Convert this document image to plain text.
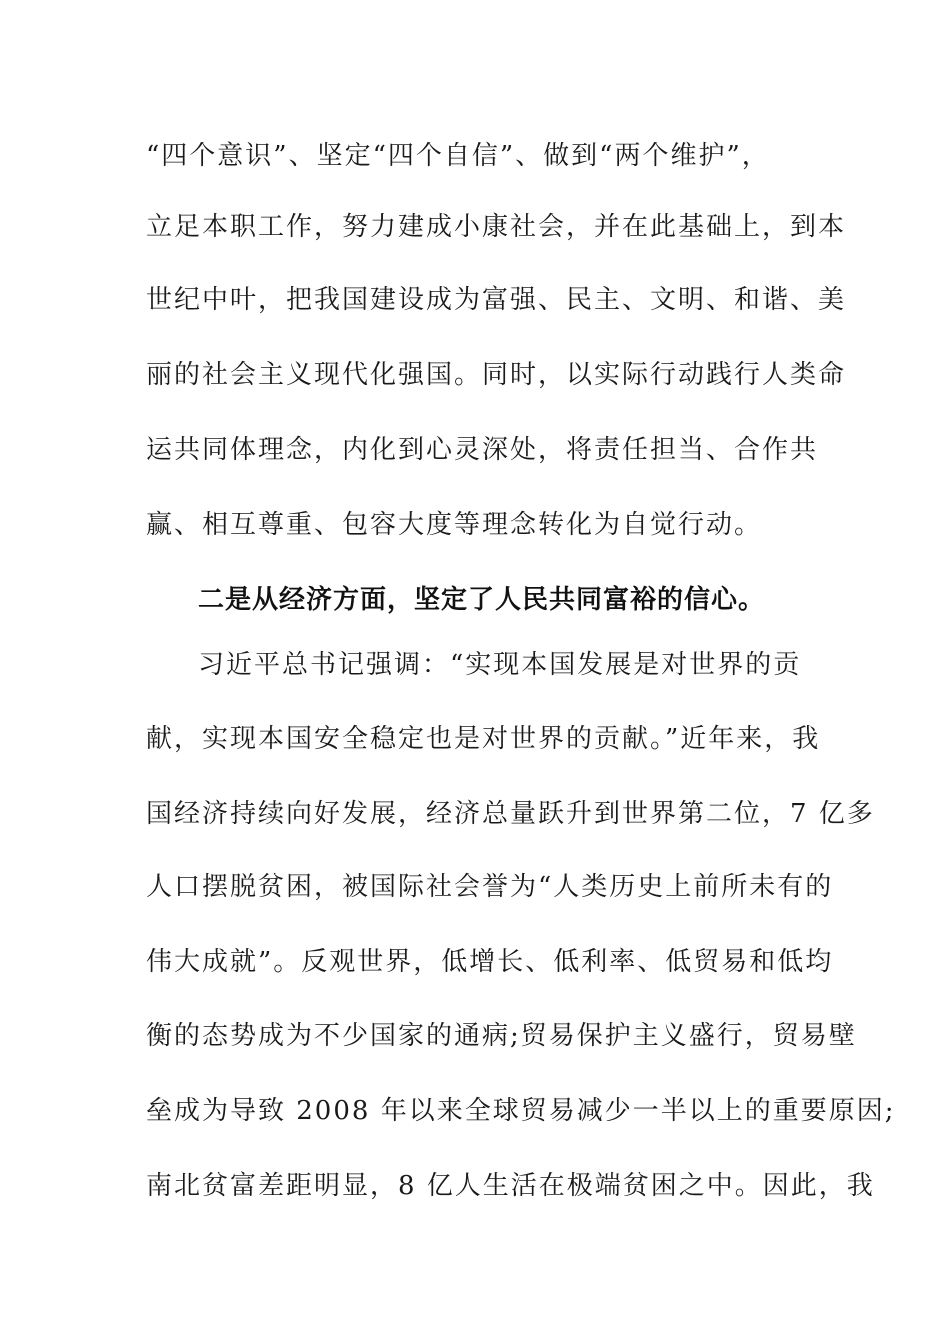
“四个意识”、坚定“四个自信”、做到“两个维护”，
立足本职工作，努力建成小康社会，并在此基础上，到本
世纪中叶，把我国建设成为富强、民主、文明、和谐、美
丽的社会主义现代化强国。同时，以实际行动践行人类命
运共同体理念，内化到心灵深处，将责任担当、合作共
赢、相互尊重、包容大度等理念转化为自觉行动。
二是从经济方面，坚定了人民共同富裕的信心。
习近平总书记强调：“实现本国发展是对世界的贡
献，实现本国安全稳定也是对世界的贡献。”近年来，我
国经济持续向好发展，经济总量跃升到世界第二位，7 亿多
人口摆脱贫困，被国际社会誉为“人类历史上前所未有的
伟大成就”。反观世界，低增长、低利率、低贸易和低均
衡的态势成为不少国家的通病;贸易保护主义盛行，贸易壁
垒成为导致 2008 年以来全球贸易减少一半以上的重要原因;
南北贫富差距明显，8 亿人生活在极端贫困之中。因此，我
